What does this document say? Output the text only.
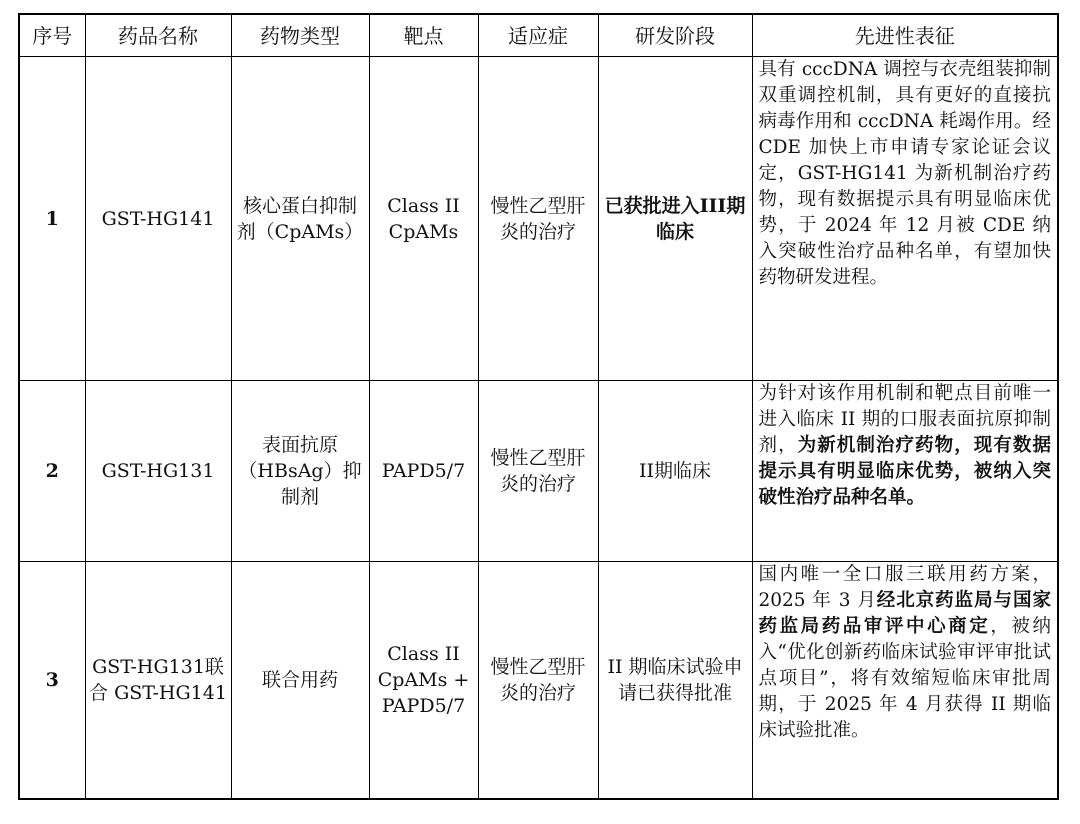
序号	药品名称	药物类型	靶点	适应症	研发阶段	先进性表征
1	GST-HG141	核心蛋白抑制剂（CpAMs）	Class II CpAMs	慢性乙型肝炎的治疗	已获批进入III期临床	具有 cccDNA 调控与衣壳组装抑制双重调控机制，具有更好的直接抗病毒作用和 cccDNA 耗竭作用。经 CDE 加快上市申请专家论证会议定，GST-HG141 为新机制治疗药物，现有数据提示具有明显临床优势，于 2024 年 12 月被 CDE 纳入突破性治疗品种名单，有望加快药物研发进程。
2	GST-HG131	表面抗原（HBsAg）抑制剂	PAPD5/7	慢性乙型肝炎的治疗	II期临床	为针对该作用机制和靶点目前唯一进入临床 II 期的口服表面抗原抑制剂，为新机制治疗药物，现有数据提示具有明显临床优势，被纳入突破性治疗品种名单。
3	GST-HG131联合 GST-HG141	联合用药	Class II CpAMs + PAPD5/7	慢性乙型肝炎的治疗	II 期临床试验申请已获得批准	国内唯一全口服三联用药方案，2025 年 3 月经北京药监局与国家药监局药品审评中心商定，被纳入“优化创新药临床试验审评审批试点项目”，将有效缩短临床审批周期，于 2025 年 4 月获得 II 期临床试验批准。
